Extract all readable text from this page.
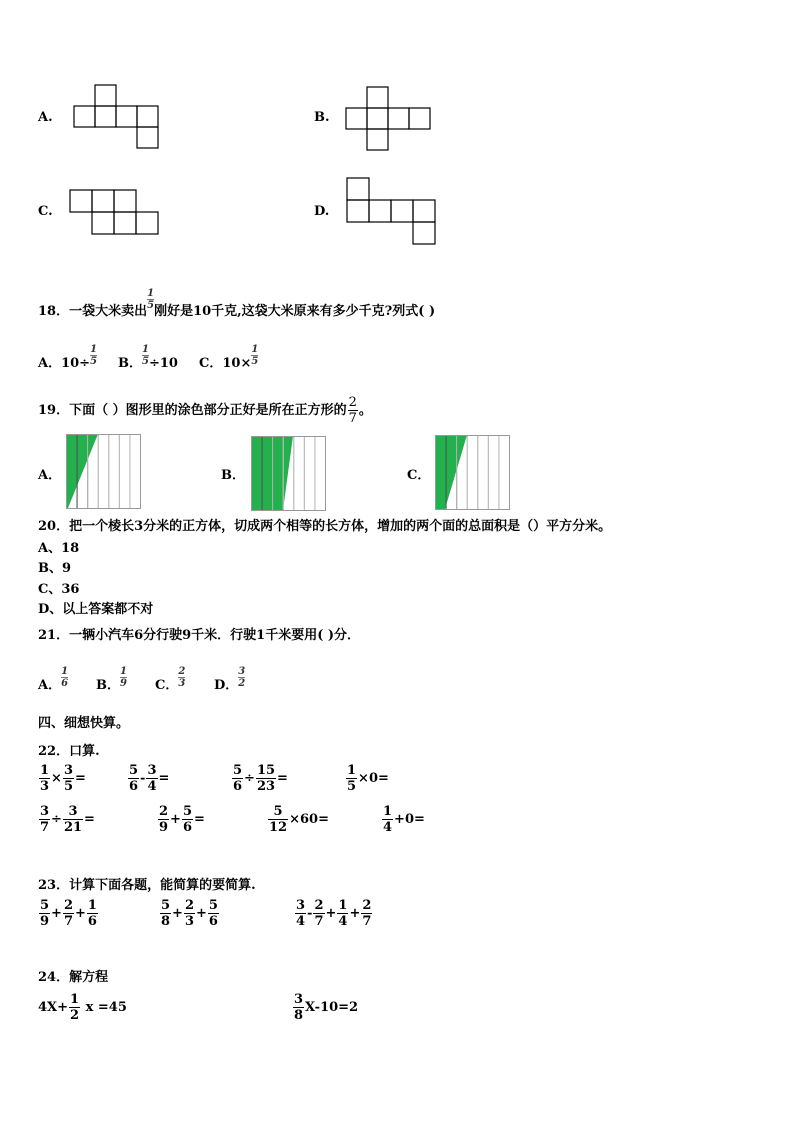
A.	B.
C.	D.
18．一袋大米卖出
$\frac{1}{5}$
刚好是10千克,这袋大米原来有多少千克?列式( )
A．$10\div \frac{1}{5}$ B． $\frac{1}{5} \div 10$ C．$10\times \frac{1}{5}$
19．下面（ ）图形里的涂色部分正好是所在正方形的 $\frac{2}{7}$ 。
A．	B．	C．
20．把一个棱长3分米的正方体，切成两个相等的长方体，增加的两个面的总面积是（）平方分米。
A、18
B、9
C、36
D、以上答案都不对
21．一辆小汽车6分行驶9千米．行驶1千米要用( )分．
A． $\frac{1}{6}$ B． $\frac{1}{9}$ C． $\frac{2}{3}$ D． $\frac{3}{2}$
四、细想快算。
22．口算.
$\frac{1}{3} \times \frac{3}{5}$ =	$\frac{5}{6} - \frac{3}{4}$ =	$\frac{5}{6} \div \frac{15}{23}$ =	$\frac{1}{5} \times 0=$
$\frac{3}{7} \div \frac{3}{21}$ =	$\frac{2}{9} + \frac{5}{6}$ =	$\frac{5}{12} \times 60=$	$\frac{1}{4} +0=$
23．计算下面各题，能简算的要简算.
$\frac{5}{9} + \frac{2}{7} + \frac{1}{6}$	$\frac{5}{8} + \frac{2}{3} + \frac{5}{6}$	$\frac{3}{4} - \frac{2}{7} + \frac{1}{4} + \frac{2}{7}$
24．解方程
$4X+ \frac{1}{2}$ x =45	$\frac{3}{8} X-10=2$
